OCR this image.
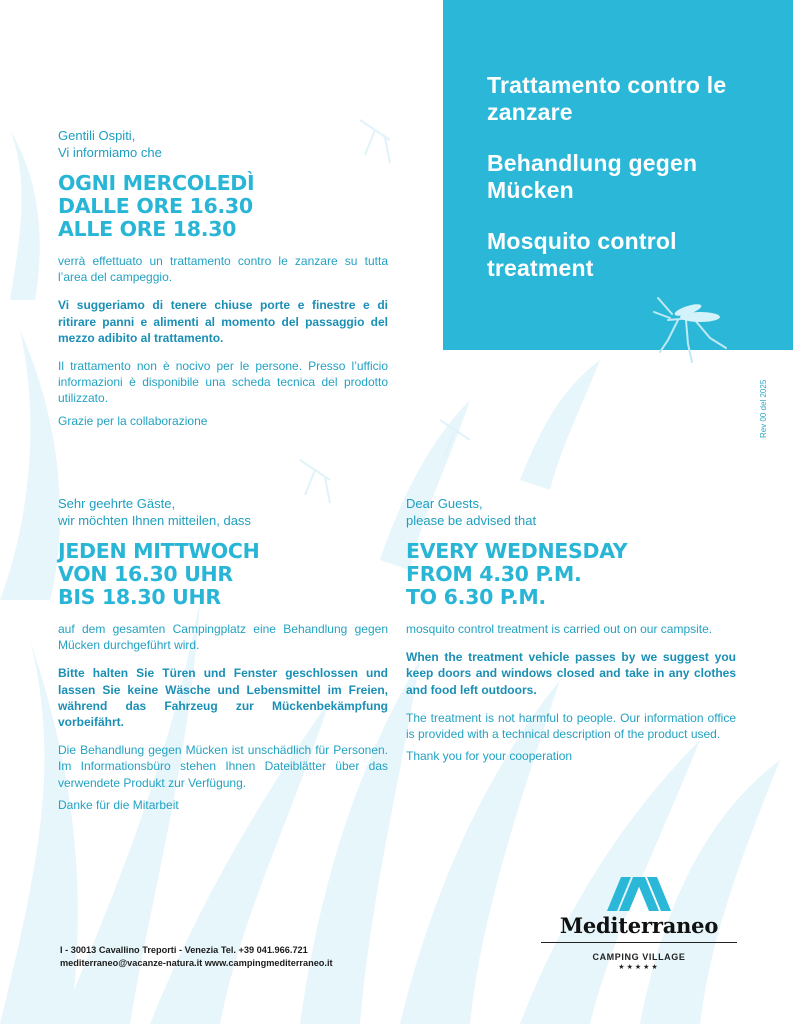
Trattamento contro le zanzare
Behandlung gegen Mücken
Mosquito control treatment
Rev 00 del 2025
Gentili Ospiti,
Vi informiamo che
OGNI MERCOLEDÌ
DALLE ORE 16.30
ALLE ORE 18.30
verrà effettuato un trattamento contro le zanzare su tutta l’area del campeggio.
Vi suggeriamo di tenere chiuse porte e finestre e di ritirare panni e alimenti al momento del passaggio del mezzo adibito al trattamento.
Il trattamento non è nocivo per le persone. Presso l’ufficio informazioni è disponibile una scheda tecnica del prodotto utilizzato.
Grazie per la collaborazione
Sehr geehrte Gäste,
wir möchten Ihnen mitteilen, dass
JEDEN MITTWOCH
VON 16.30 UHR
BIS 18.30 UHR
auf dem gesamten Campingplatz eine Behandlung gegen Mücken durchgeführt wird.
Bitte halten Sie Türen und Fenster geschlossen und lassen Sie keine Wäsche und Lebensmittel im Freien, während das Fahrzeug zur Mückenbekämpfung vorbeifährt.
Die Behandlung gegen Mücken ist unschädlich für Personen. Im Informationsbüro stehen Ihnen Dateiblätter über das verwendete Produkt zur Verfügung.
Danke für die Mitarbeit
Dear Guests,
please be advised that
EVERY WEDNESDAY
FROM 4.30 P.M.
TO 6.30 P.M.
mosquito control treatment is carried out on our campsite.
When the treatment vehicle passes by we suggest you keep doors and windows closed and take in any clothes and food left outdoors.
The treatment is not harmful to people. Our information office is provided with a technical description of the product used.
Thank you for your cooperation
I - 30013 Cavallino Treporti - Venezia Tel. +39 041.966.721
mediterraneo@vacanze-natura.it www.campingmediterraneo.it
Mediterraneo
CAMPING VILLAGE
★★★★★
